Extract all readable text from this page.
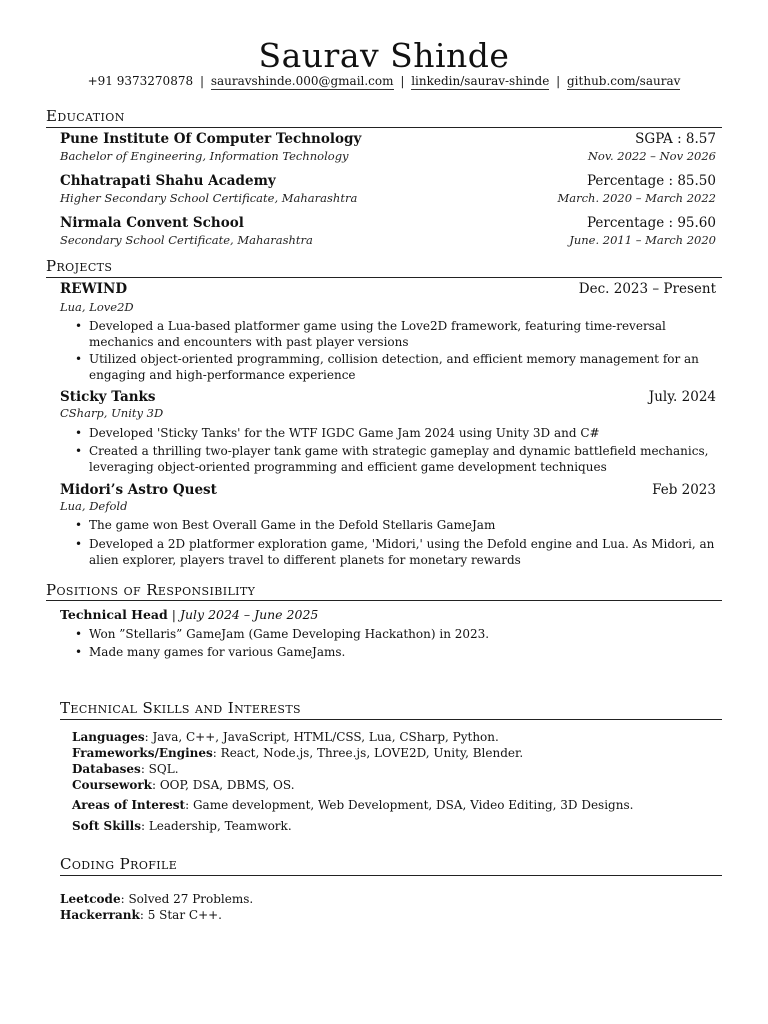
Saurav Shinde
+91 9373270878 | sauravshinde.000@gmail.com | linkedin/saurav-shinde | github.com/saurav
Education
Pune Institute Of Computer Technology	SGPA : 8.57
Bachelor of Engineering, Information Technology	Nov. 2022 – Nov 2026
Chhatrapati Shahu Academy	Percentage : 85.50
Higher Secondary School Certificate, Maharashtra	March. 2020 – March 2022
Nirmala Convent School	Percentage : 95.60
Secondary School Certificate, Maharashtra	June. 2011 – March 2020
Projects
REWIND	Dec. 2023 – Present
Lua, Love2D
• Developed a Lua-based platformer game using the Love2D framework, featuring time-reversal mechanics and encounters with past player versions
• Utilized object-oriented programming, collision detection, and efficient memory management for an engaging and high-performance experience
Sticky Tanks	July. 2024
CSharp, Unity 3D
• Developed 'Sticky Tanks' for the WTF IGDC Game Jam 2024 using Unity 3D and C#
• Created a thrilling two-player tank game with strategic gameplay and dynamic battlefield mechanics, leveraging object-oriented programming and efficient game development techniques
Midori’s Astro Quest	Feb 2023
Lua, Defold
• The game won Best Overall Game in the Defold Stellaris GameJam
• Developed a 2D platformer exploration game, 'Midori,' using the Defold engine and Lua. As Midori, an alien explorer, players travel to different planets for monetary rewards
Positions of Responsibility
Technical Head | July 2024 – June 2025
• Won ”Stellaris” GameJam (Game Developing Hackathon) in 2023.
• Made many games for various GameJams.
Technical Skills and Interests
Languages: Java, C++, JavaScript, HTML/CSS, Lua, CSharp, Python.
Frameworks/Engines: React, Node.js, Three.js, LOVE2D, Unity, Blender.
Databases: SQL.
Coursework: OOP, DSA, DBMS, OS.
Areas of Interest: Game development, Web Development, DSA, Video Editing, 3D Designs.
Soft Skills: Leadership, Teamwork.
Coding Profile
Leetcode: Solved 27 Problems.
Hackerrank: 5 Star C++.
